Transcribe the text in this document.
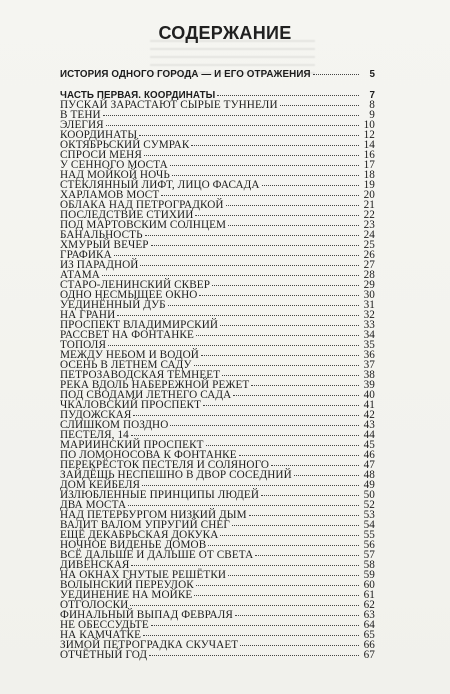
СОДЕРЖАНИЕ
ИСТОРИЯ ОДНОГО ГОРОДА — И ЕГО ОТРАЖЕНИЯ	5
ЧАСТЬ ПЕРВАЯ. КООРДИНАТЫ	7
ПУСКАЙ ЗАРАСТАЮТ СЫРЫЕ ТУННЕЛИ	8
В ТЕНИ	9
ЭЛЕГИЯ	10
КООРДИНАТЫ	12
ОКТЯБРЬСКИЙ СУМРАК	14
СПРОСИ МЕНЯ	16
У СЕННОГО МОСТА	17
НАД МОЙКОЙ НОЧЬ	18
СТЕКЛЯННЫЙ ЛИФТ, ЛИЦО ФАСАДА	19
ХАРЛАМОВ МОСТ	20
ОБЛАКА НАД ПЕТРОГРАДКОЙ	21
ПОСЛЕДСТВИЕ СТИХИИ	22
ПОД МАРТОВСКИМ СОЛНЦЕМ	23
БАНАЛЬНОСТЬ	24
ХМУРЫЙ ВЕЧЕР	25
ГРАФИКА	26
ИЗ ПАРАДНОЙ	27
АТАМА	28
СТАРО-ЛЕНИНСКИЙ СКВЕР	29
ОДНО НЕСМЫЩЕЕ ОКНО	30
УЕДИНЁННЫЙ ДУБ	31
НА ГРАНИ	32
ПРОСПЕКТ ВЛАДИМИРСКИЙ	33
РАССВЕТ НА ФОНТАНКЕ	34
ТОПОЛЯ	35
МЕЖДУ НЕБОМ И ВОДОЙ	36
ОСЕНЬ В ЛЕТНЕМ САДУ	37
ПЕТРОЗАВОДСКАЯ ТЕМНЕЕТ	38
РЕКА ВДОЛЬ НАБЕРЕЖНОЙ РЕЖЕТ	39
ПОД СВОДАМИ ЛЕТНЕГО САДА	40
ЧКАЛОВСКИЙ ПРОСПЕКТ	41
ПУДОЖСКАЯ	42
СЛИШКОМ ПОЗДНО	43
ПЕСТЕЛЯ, 14	44
МАРИИНСКИЙ ПРОСПЕКТ	45
ПО ЛОМОНОСОВА К ФОНТАНКЕ	46
ПЕРЕКРЁСТОК ПЕСТЕЛЯ И СОЛЯНОГО	47
ЗАЙДЁШЬ НЕСПЕШНО В ДВОР СОСЕДНИЙ	48
ДОМ КЕЙБЕЛЯ	49
ИЗЛЮБЛЕННЫЕ ПРИНЦИПЫ ЛЮДЕЙ	50
ДВА МОСТА	52
НАД ПЕТЕРБУРГОМ НИЗКИЙ ДЫМ	53
ВАЛИТ ВАЛОМ УПРУГИЙ СНЕГ	54
ЕЩЁ ДЕКАБРЬСКАЯ ДОКУКА	55
НОЧНОЕ ВИДЕНЬЕ ДОМОВ	56
ВСЁ ДАЛЬШЕ И ДАЛЬШЕ ОТ СВЕТА	57
ДИВЕНСКАЯ	58
НА ОКНАХ ГНУТЫЕ РЕШЁТКИ	59
ВОЛЫНСКИЙ ПЕРЕУЛОК	60
УЕДИНЕНИЕ НА МОЙКЕ	61
ОТГОЛОСКИ	62
ФИНАЛЬНЫЙ ВЫПАД ФЕВРАЛЯ	63
НЕ ОБЕССУДЬТЕ	64
НА КАМЧАТКЕ	65
ЗИМОЙ ПЕТРОГРАДКА СКУЧАЕТ	66
ОТЧЁТНЫЙ ГОД	67
